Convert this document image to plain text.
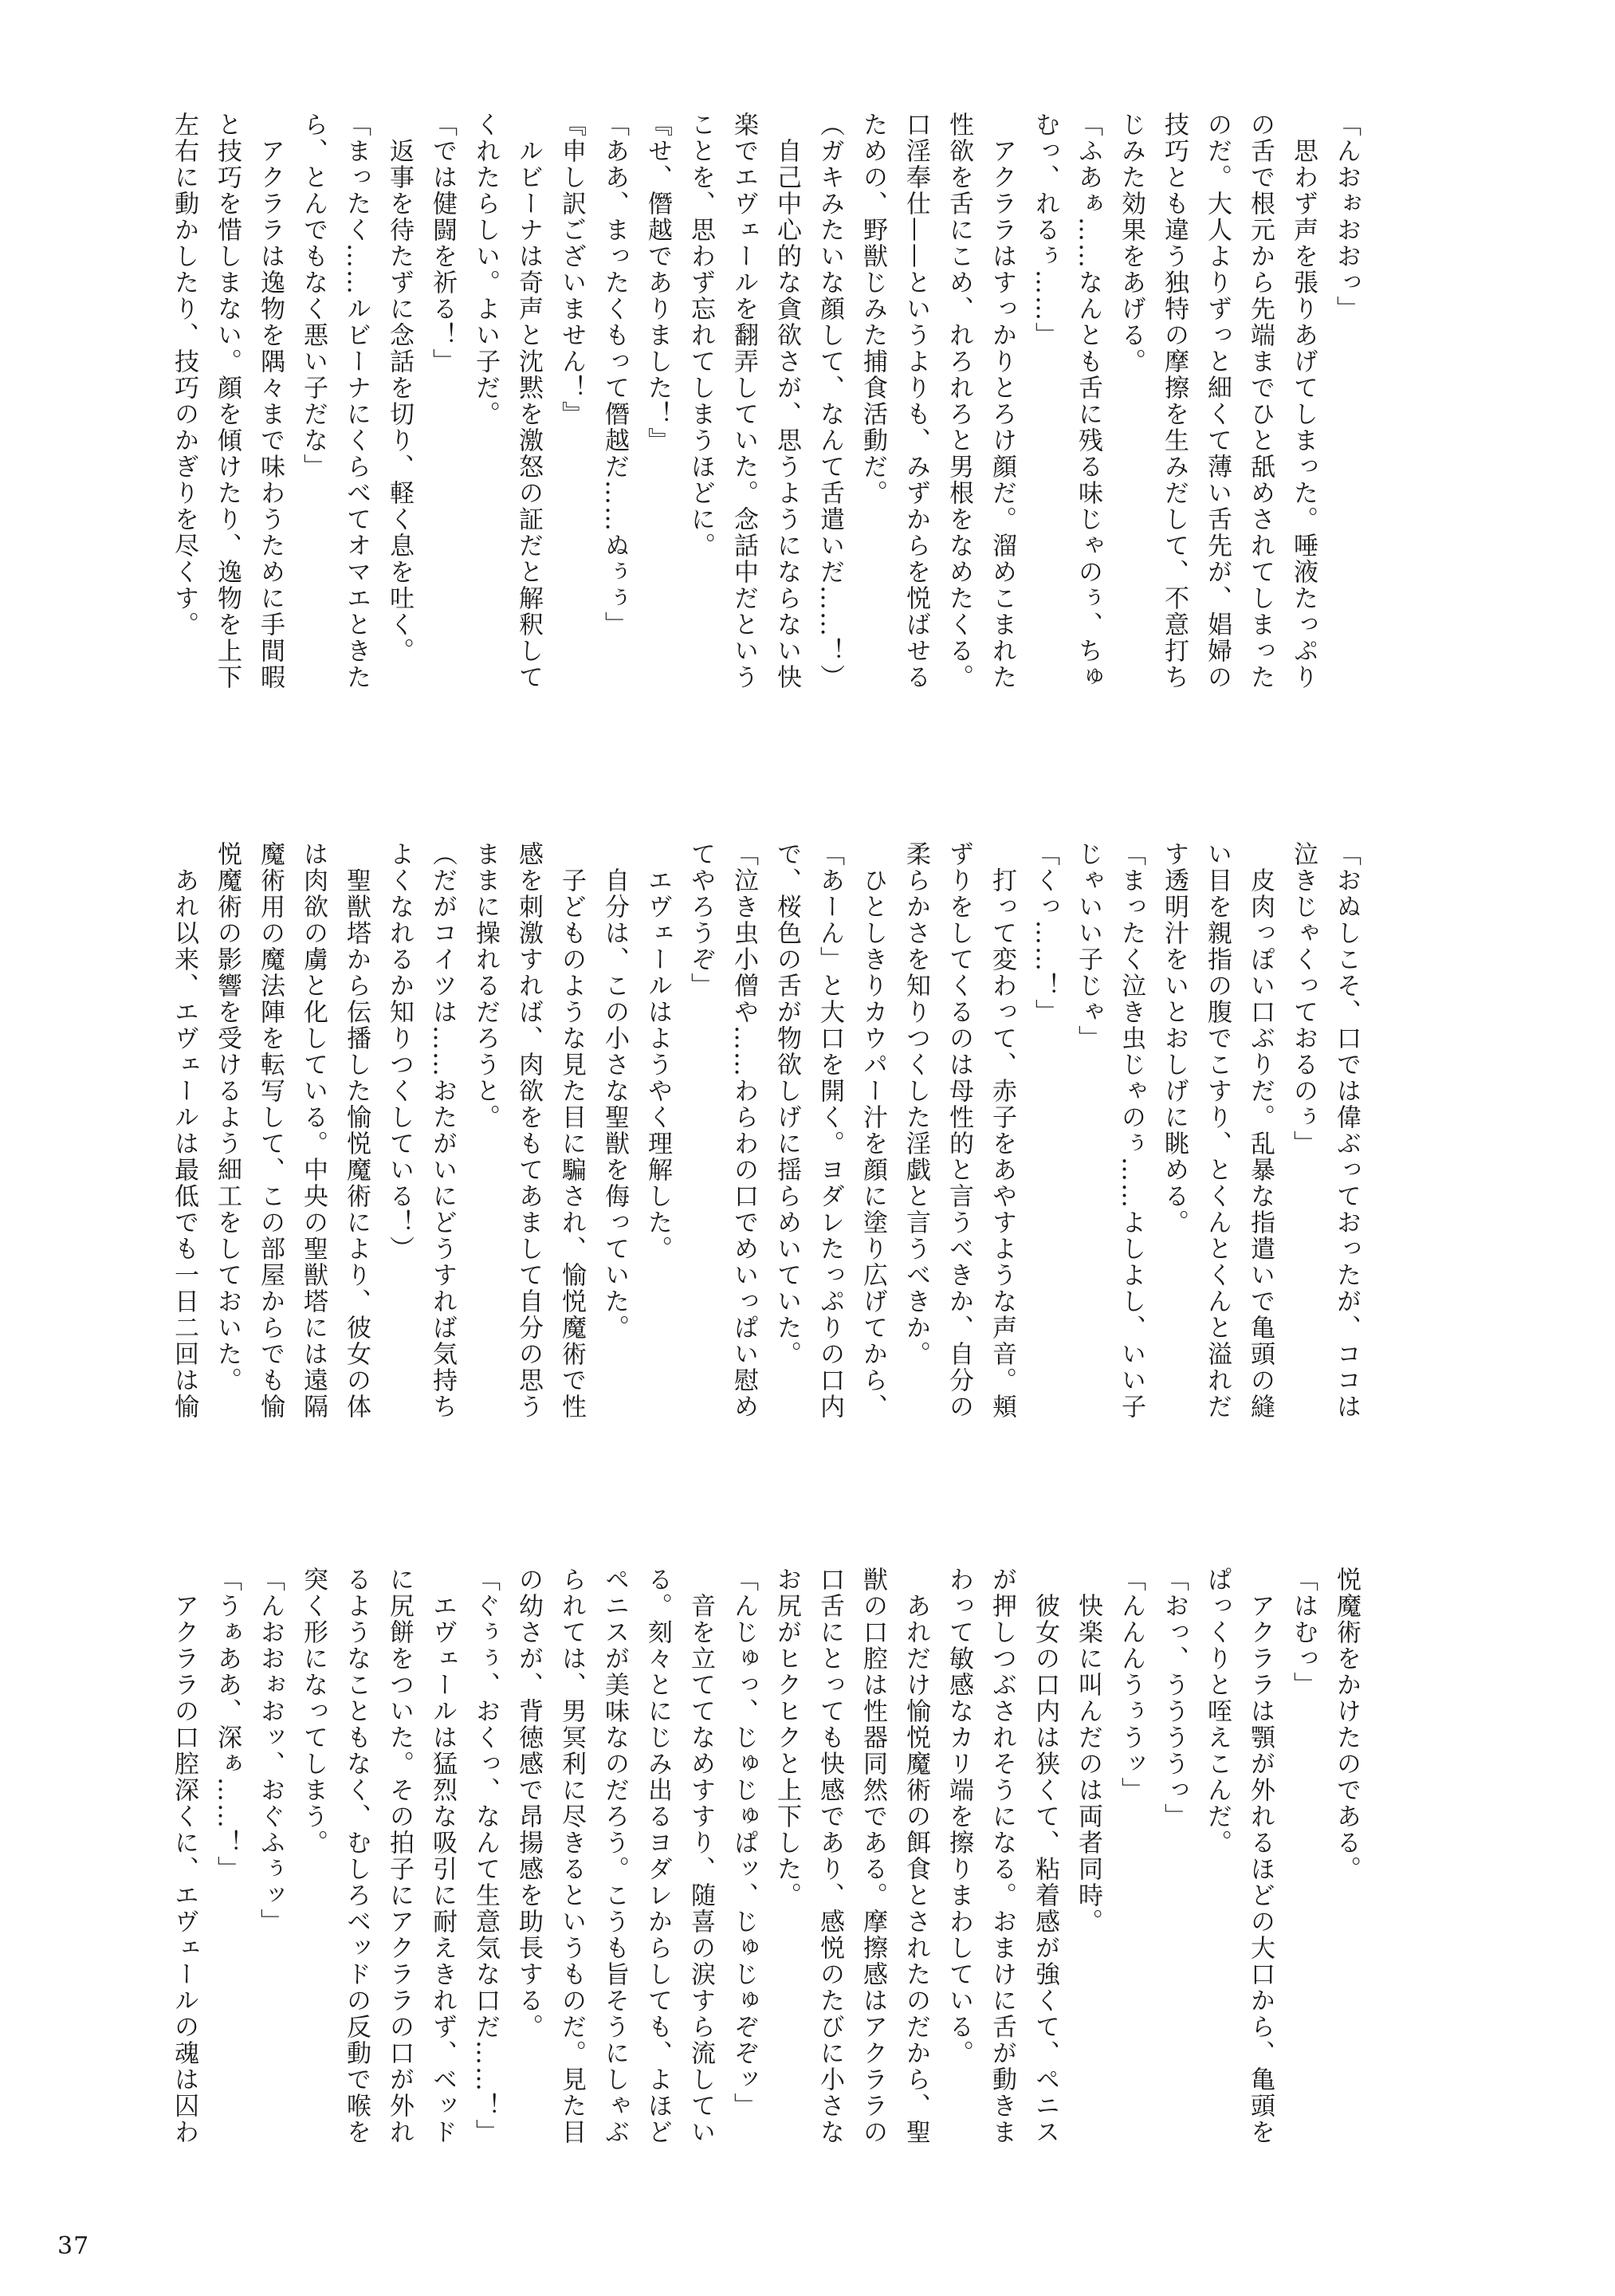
「んおぉおおっ」
　思わず声を張りあげてしまった。唾液たっぷり
の舌で根元から先端までひと舐めされてしまった
のだ。大人よりずっと細くて薄い舌先が、娼婦の
技巧とも違う独特の摩擦を生みだして、不意打ち
じみた効果をあげる。
「ふあぁ……なんとも舌に残る味じゃのぅ、ちゅ
むっ、れるぅ……」
　アクララはすっかりとろけ顔だ。溜めこまれた
性欲を舌にこめ、れろれろと男根をなめたくる。
口淫奉仕——というよりも、みずからを悦ばせる
ための、野獣じみた捕食活動だ。
（ガキみたいな顔して、なんて舌遣いだ……！）
　自己中心的な貪欲さが、思うようにならない快
楽でエヴェールを翻弄していた。念話中だという
ことを、思わず忘れてしまうほどに。
『せ、僭越でありました！』
「ああ、まったくもって僭越だ……ぬぅぅ」
『申し訳ございません！』
　ルビーナは奇声と沈黙を激怒の証だと解釈して
くれたらしい。よい子だ。
「では健闘を祈る！」
　返事を待たずに念話を切り、軽く息を吐く。
「まったく……ルビーナにくらべてオマエときた
ら、とんでもなく悪い子だな」
　アクララは逸物を隅々まで味わうために手間暇
と技巧を惜しまない。顔を傾けたり、逸物を上下
左右に動かしたり、技巧のかぎりを尽くす。
「おぬしこそ、口では偉ぶっておったが、ココは
泣きじゃくっておるのぅ」
　皮肉っぽい口ぶりだ。乱暴な指遣いで亀頭の縫
い目を親指の腹でこすり、とくんとくんと溢れだ
す透明汁をいとおしげに眺める。
「まったく泣き虫じゃのぅ……よしよし、いい子
じゃいい子じゃ」
「くっ……！」
　打って変わって、赤子をあやすような声音。頬
ずりをしてくるのは母性的と言うべきか、自分の
柔らかさを知りつくした淫戯と言うべきか。
　ひとしきりカウパー汁を顔に塗り広げてから、
「あーん」と大口を開く。ヨダレたっぷりの口内
で、桜色の舌が物欲しげに揺らめいていた。
「泣き虫小僧や……わらわの口でめいっぱい慰め
てやろうぞ」
　エヴェールはようやく理解した。
　自分は、この小さな聖獣を侮っていた。
　子どものような見た目に騙され、愉悦魔術で性
感を刺激すれば、肉欲をもてあまして自分の思う
ままに操れるだろうと。
（だがコイツは……おたがいにどうすれば気持ち
よくなれるか知りつくしている！）
　聖獣塔から伝播した愉悦魔術により、彼女の体
は肉欲の虜と化している。中央の聖獣塔には遠隔
魔術用の魔法陣を転写して、この部屋からでも愉
悦魔術の影響を受けるよう細工をしておいた。
　あれ以来、エヴェールは最低でも一日二回は愉
悦魔術をかけたのである。
「はむっ」
　アクララは顎が外れるほどの大口から、亀頭を
ぱっくりと咥えこんだ。
「おっ、ううううっ」
「んんんうぅうッ」
　快楽に叫んだのは両者同時。
　彼女の口内は狭くて、粘着感が強くて、ペニス
が押しつぶされそうになる。おまけに舌が動きま
わって敏感なカリ端を擦りまわしている。
　あれだけ愉悦魔術の餌食とされたのだから、聖
獣の口腔は性器同然である。摩擦感はアクララの
口舌にとっても快感であり、感悦のたびに小さな
お尻がヒクヒクと上下した。
「んじゅっ、じゅじゅぱッ、じゅじゅぞぞッ」
　音を立ててなめすすり、随喜の涙すら流してい
る。刻々とにじみ出るヨダレからしても、よほど
ペニスが美味なのだろう。こうも旨そうにしゃぶ
られては、男冥利に尽きるというものだ。見た目
の幼さが、背徳感で昂揚感を助長する。
「ぐぅぅ、おくっ、なんて生意気な口だ……！」
　エヴェールは猛烈な吸引に耐えきれず、ベッド
に尻餅をついた。その拍子にアクララの口が外れ
るようなこともなく、むしろベッドの反動で喉を
突く形になってしまう。
「んおおぉおッ、おぐふぅッ」
「うぁああ、深ぁ……！」
　アクララの口腔深くに、エヴェールの魂は囚わ
37
